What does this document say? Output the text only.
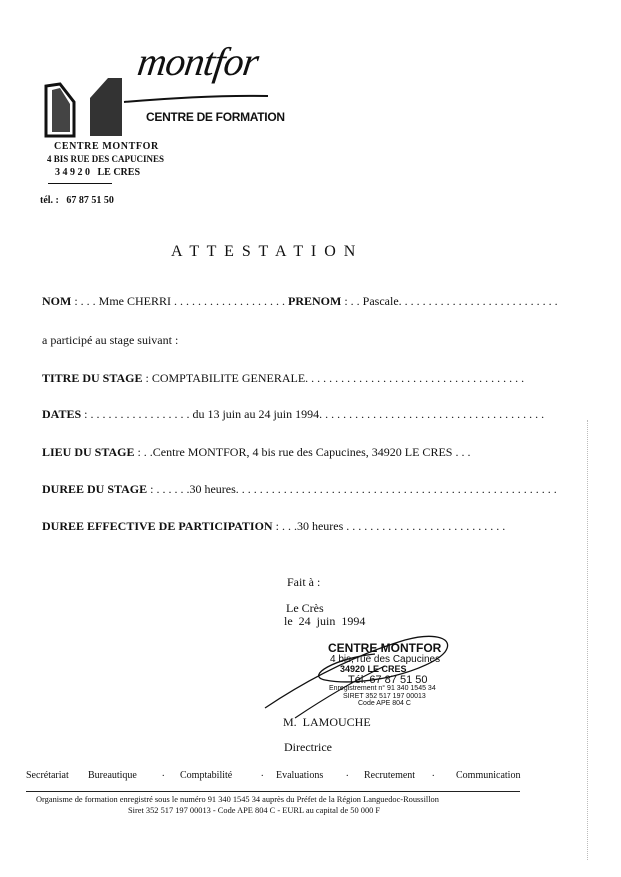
montfor
CENTRE DE FORMATION
CENTRE MONTFOR
4 BIS RUE DES CAPUCINES
3 4 9 2 0   LE CRES
tél. :   67 87 51 50
A T T E S T A T I O N
NOM : . . . Mme CHERRI . . . . . . . . . . . . . . . . . . . PRENOM : . . Pascale. . . . . . . . . . . . . . . . . . . . . . . . . . .
a participé au stage suivant :
TITRE DU STAGE : COMPTABILITE GENERALE. . . . . . . . . . . . . . . . . . . . . . . . . . . . . . . . . . . . .
DATES : . . . . . . . . . . . . . . . . . du 13 juin au 24 juin 1994. . . . . . . . . . . . . . . . . . . . . . . . . . . . . . . . . . . . . .
LIEU DU STAGE : . .Centre MONTFOR, 4 bis rue des Capucines, 34920 LE CRES . . .
DUREE DU STAGE : . . . . . .30 heures. . . . . . . . . . . . . . . . . . . . . . . . . . . . . . . . . . . . . . . . . . . . . . . . . . . . . .
DUREE EFFECTIVE DE PARTICIPATION : . . .30 heures . . . . . . . . . . . . . . . . . . . . . . . . . . .
Fait à :
Le Crès
le  24  juin  1994
CENTRE MONTFOR
4 bis, rue des Capucines
34920 LE CRES
Tél. 67 87 51 50
Enregistrement n° 91 340 1545 34
SIRET 352 517 197 00013
Code APE 804 C
M.  LAMOUCHE
Directrice
Secrétariat Bureautique	. Comptabilité	. Evaluations . Recrutement . Communication
Organisme de formation enregistré sous le numéro 91 340 1545 34 auprès du Préfet de la Région Languedoc-Roussillon
Siret 352 517 197 00013 - Code APE 804 C - EURL au capital de 50 000 F
